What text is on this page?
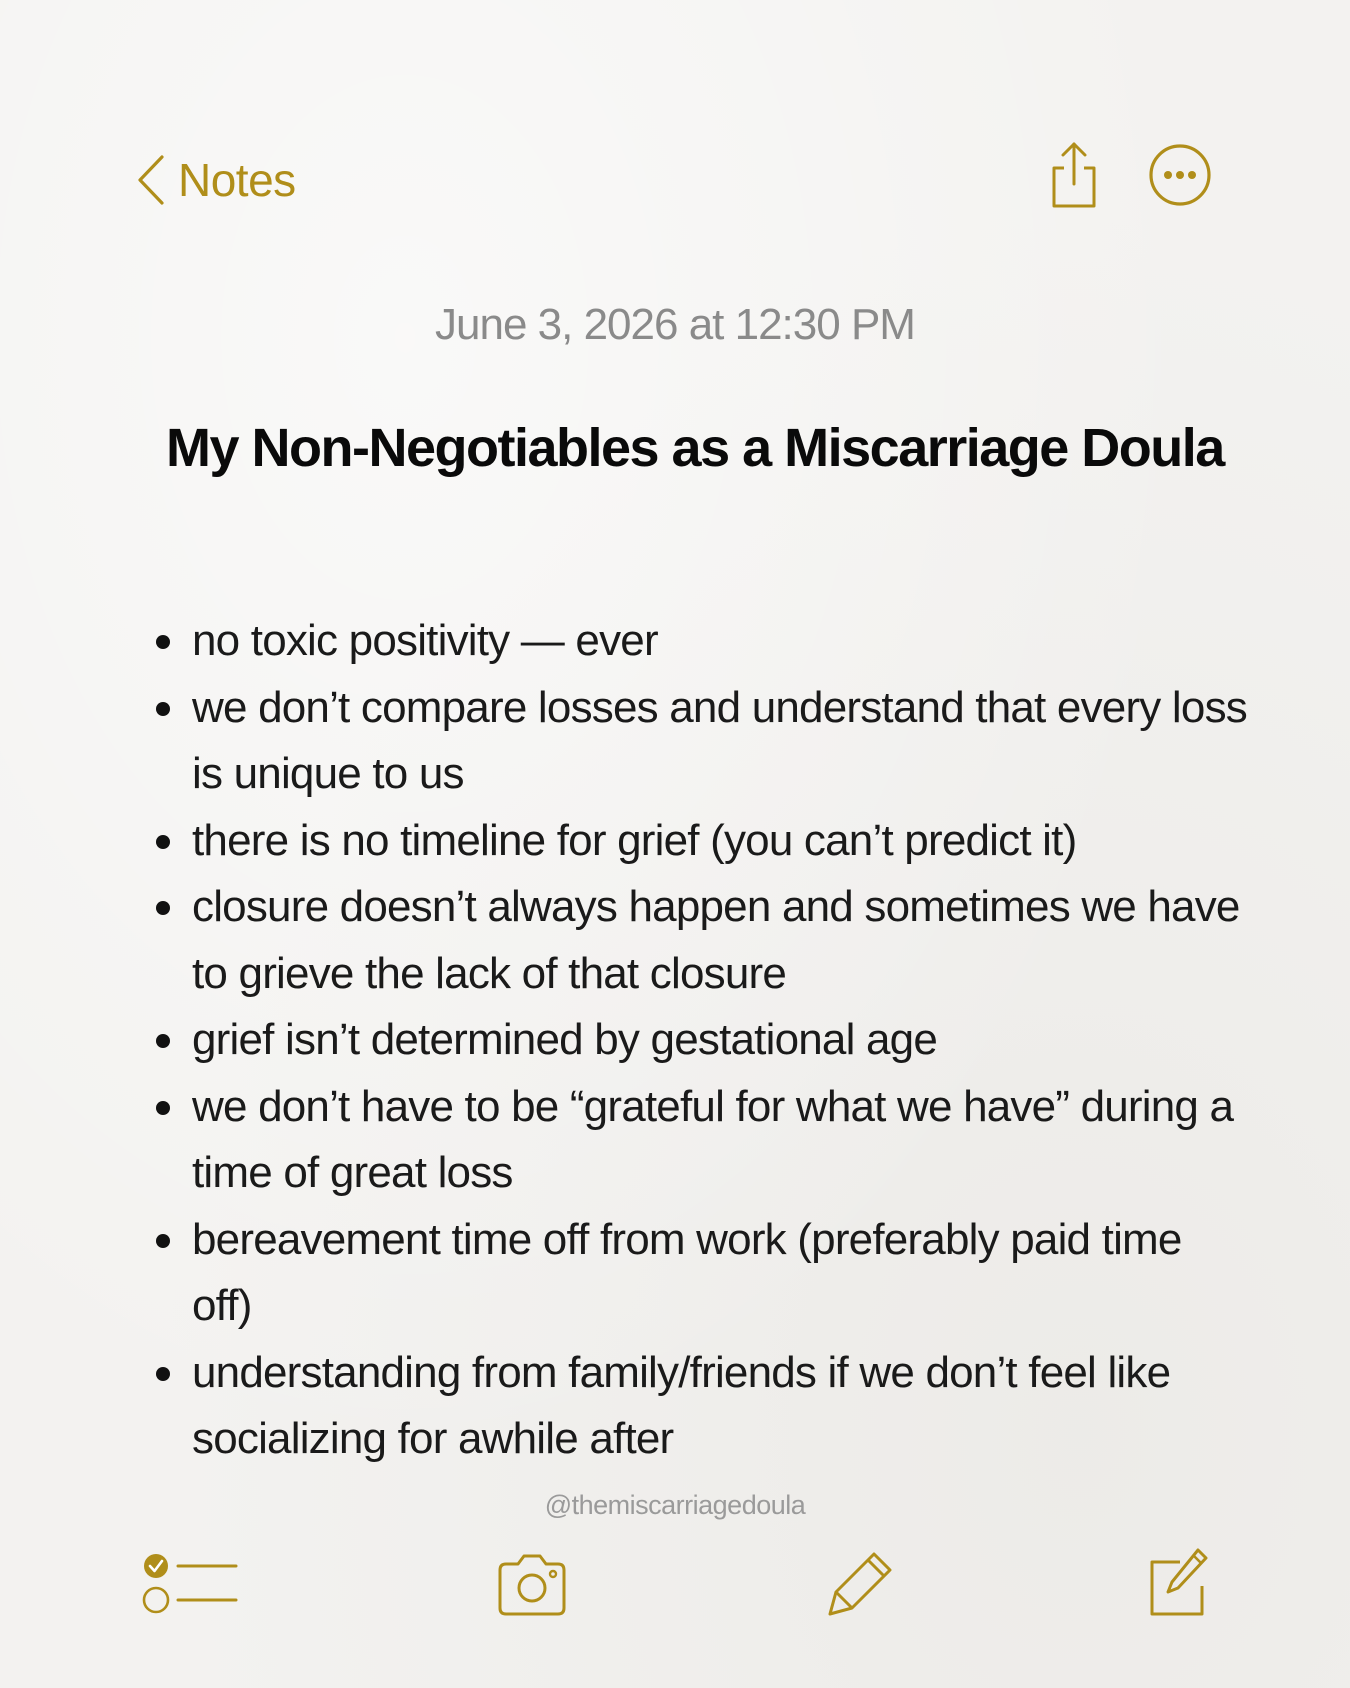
Notes
June 3, 2026 at 12:30 PM
My Non-Negotiables as a Miscarriage Doula
no toxic positivity — ever
we don’t compare losses and understand that every loss is unique to us
there is no timeline for grief (you can’t predict it)
closure doesn’t always happen and sometimes we have to grieve the lack of that closure
grief isn’t determined by gestational age
we don’t have to be “grateful for what we have” during a time of great loss
bereavement time off from work (preferably paid time off)
understanding from family/friends if we don’t feel like socializing for awhile after
@themiscarriagedoula
